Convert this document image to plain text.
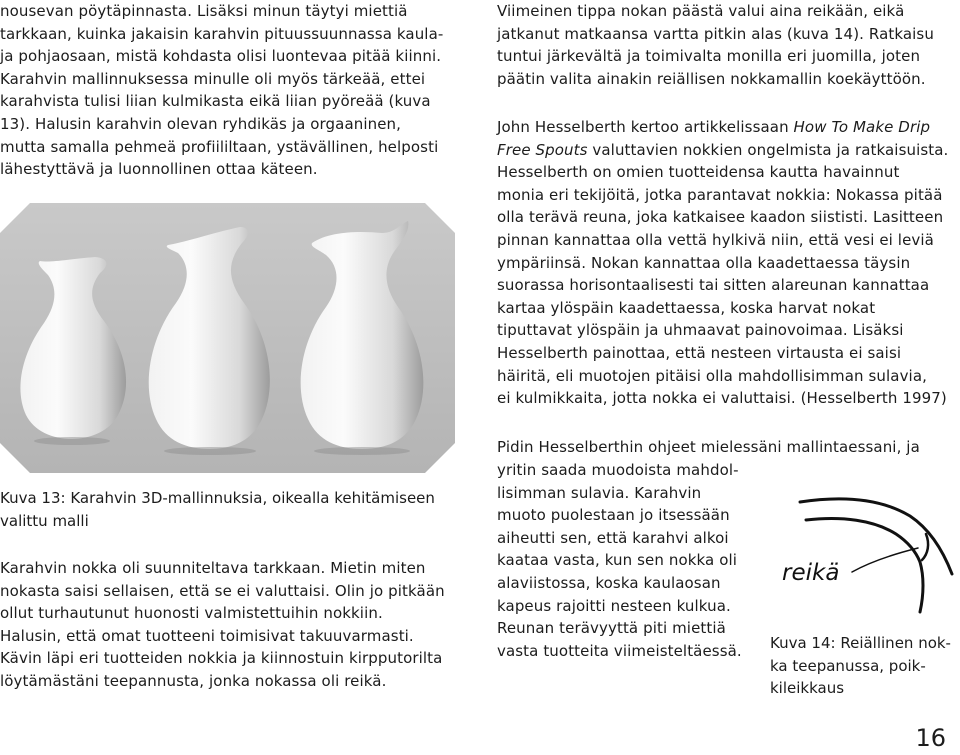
nousevan pöytäpinnasta. Lisäksi minun täytyi miettiä
tarkkaan, kuinka jakaisin karahvin pituussuunnassa kaula-
ja pohjaosaan, mistä kohdasta olisi luontevaa pitää kiinni.
Karahvin mallinnuksessa minulle oli myös tärkeää, ettei
karahvista tulisi liian kulmikasta eikä liian pyöreää (kuva
13). Halusin karahvin olevan ryhdikäs ja orgaaninen,
mutta samalla pehmeä profiililtaan, ystävällinen, helposti
lähestyttävä ja luonnollinen ottaa käteen.

Kuva 13: Karahvin 3D-mallinnuksia, oikealla kehitämiseen
valittu malli

Karahvin nokka oli suunniteltava tarkkaan. Mietin miten
nokasta saisi sellaisen, että se ei valuttaisi. Olin jo pitkään
ollut turhautunut huonosti valmistettuihin nokkiin.
Halusin, että omat tuotteeni toimisivat takuuvarmasti.
Kävin läpi eri tuotteiden nokkia ja kiinnostuin kirpputorilta
löytämästäni teepannusta, jonka nokassa oli reikä.

Viimeinen tippa nokan päästä valui aina reikään, eikä
jatkanut matkaansa vartta pitkin alas (kuva 14). Ratkaisu
tuntui järkevältä ja toimivalta monilla eri juomilla, joten
päätin valita ainakin reiällisen nokkamallin koekäyttöön.

John Hesselberth kertoo artikkelissaan How To Make Drip
Free Spouts valuttavien nokkien ongelmista ja ratkaisuista.
Hesselberth on omien tuotteidensa kautta havainnut
monia eri tekijöitä, jotka parantavat nokkia: Nokassa pitää
olla terävä reuna, joka katkaisee kaadon siististi. Lasitteen
pinnan kannattaa olla vettä hylkivä niin, että vesi ei leviä
ympäriinsä. Nokan kannattaa olla kaadettaessa täysin
suorassa horisontaalisesti tai sitten alareunan kannattaa
kartaa ylöspäin kaadettaessa, koska harvat nokat
tiputtavat ylöspäin ja uhmaavat painovoimaa. Lisäksi
Hesselberth painottaa, että nesteen virtausta ei saisi
häiritä, eli muotojen pitäisi olla mahdollisimman sulavia,
ei kulmikkaita, jotta nokka ei valuttaisi. (Hesselberth 1997)

Pidin Hesselberthin ohjeet mielessäni mallintaessani, ja

yritin saada muodoista mahdol-
lisimman sulavia. Karahvin
muoto puolestaan jo itsessään
aiheutti sen, että karahvi alkoi
kaataa vasta, kun sen nokka oli
alaviistossa, koska kaulaosan
kapeus rajoitti nesteen kulkua.
Reunan terävyyttä piti miettiä
vasta tuotteita viimeisteltäessä.

reikä

Kuva 14: Reiällinen nok-
ka teepanussa, poik-
kileikkaus

16
